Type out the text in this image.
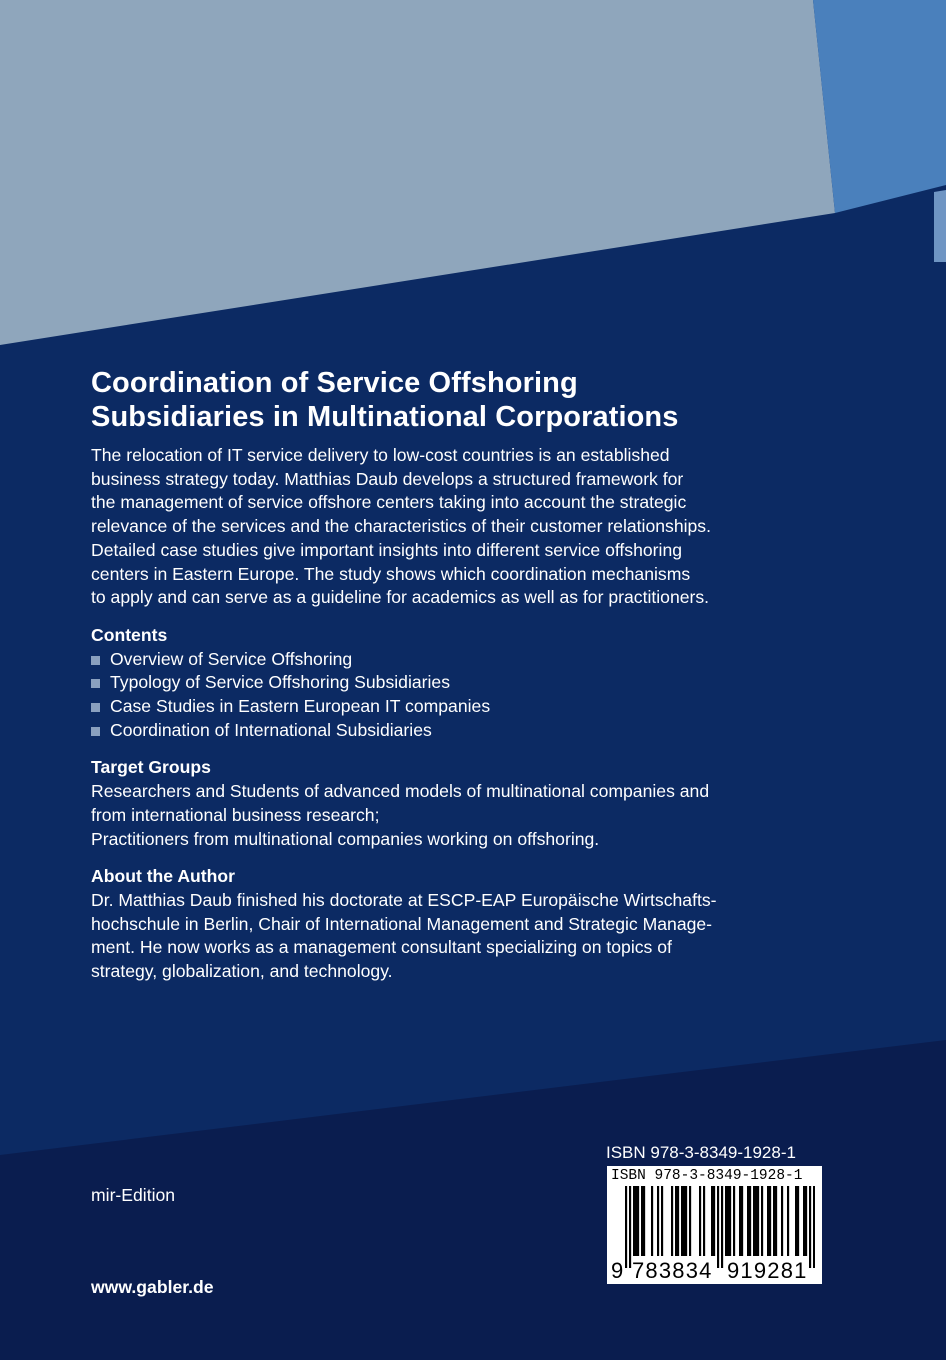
Coordination of Service Offshoring
Subsidiaries in Multinational Corporations
The relocation of IT service delivery to low-cost countries is an established
business strategy today. Matthias Daub develops a structured framework for
the management of service offshore centers taking into account the strategic
relevance of the services and the characteristics of their customer relationships.
Detailed case studies give important insights into different service offshoring
centers in Eastern Europe. The study shows which coordination mechanisms
to apply and can serve as a guideline for academics as well as for practitioners.
Contents
Overview of Service Offshoring
Typology of Service Offshoring Subsidiaries
Case Studies in Eastern European IT companies
Coordination of International Subsidiaries
Target Groups
Researchers and Students of advanced models of multinational companies and
from international business research;
Practitioners from multinational companies working on offshoring.
About the Author
Dr. Matthias Daub finished his doctorate at ESCP-EAP Europäische Wirtschafts-
hochschule in Berlin, Chair of International Management and Strategic Manage-
ment. He now works as a management consultant specializing on topics of
strategy, globalization, and technology.
mir-Edition
www.gabler.de
ISBN 978-3-8349-1928-1
ISBN 978-3-8349-1928-1
9 783834 919281
